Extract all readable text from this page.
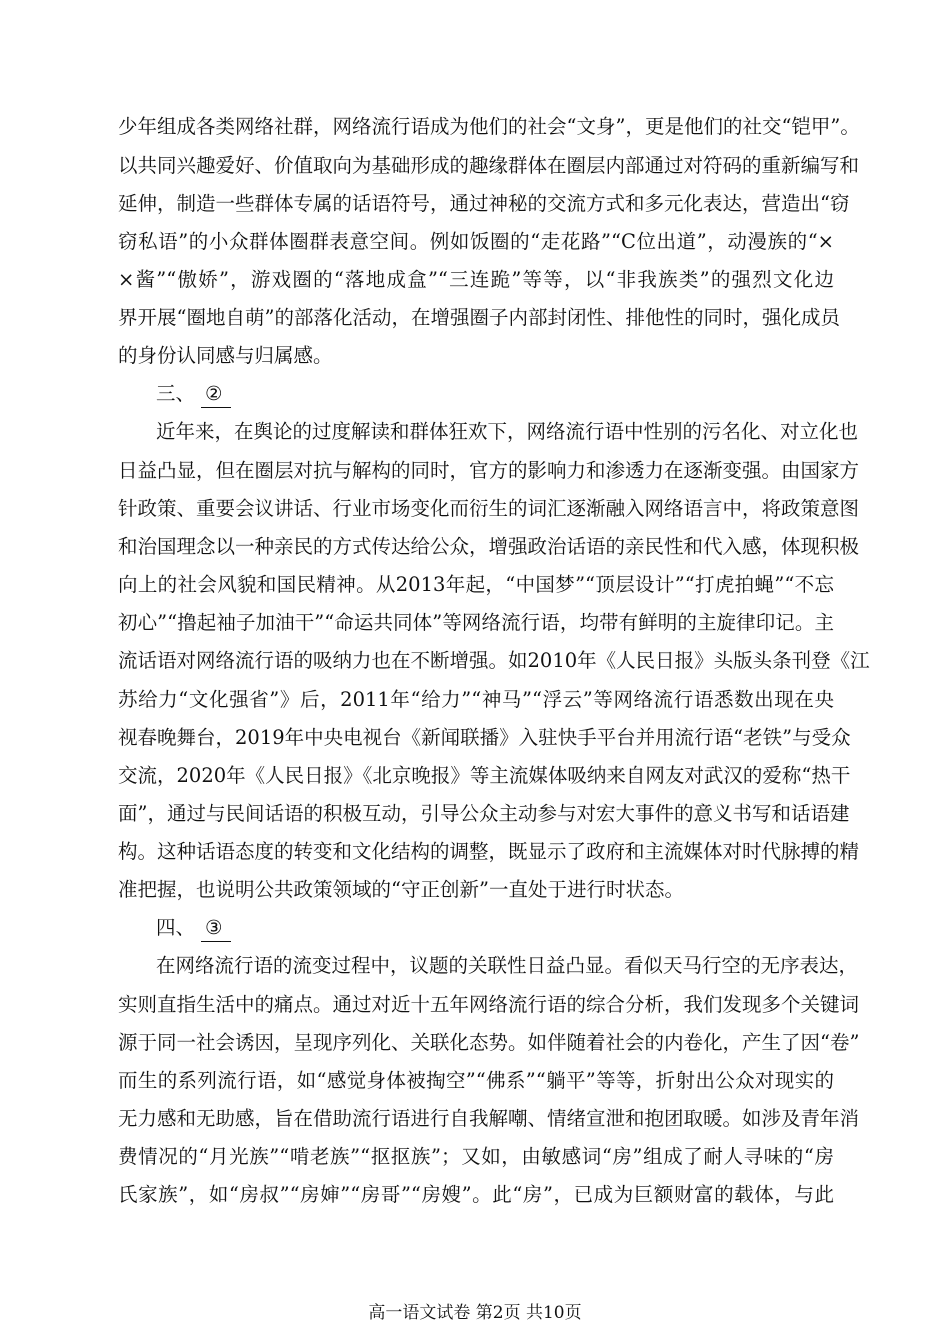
少年组成各类网络社群，网络流行语成为他们的社会“文身”，更是他们的社交“铠甲”。
以共同兴趣爱好、价值取向为基础形成的趣缘群体在圈层内部通过对符码的重新编写和
延伸，制造一些群体专属的话语符号，通过神秘的交流方式和多元化表达，营造出“窃
窃私语”的小众群体圈群表意空间。例如饭圈的“走花路”“C位出道”，动漫族的“×
×酱”“傲娇”，游戏圈的“落地成盒”“三连跪”等等，以“非我族类”的强烈文化边
界开展“圈地自萌”的部落化活动，在增强圈子内部封闭性、排他性的同时，强化成员
的身份认同感与归属感。
三、 ②
近年来，在舆论的过度解读和群体狂欢下，网络流行语中性别的污名化、对立化也
日益凸显，但在圈层对抗与解构的同时，官方的影响力和渗透力在逐渐变强。由国家方
针政策、重要会议讲话、行业市场变化而衍生的词汇逐渐融入网络语言中，将政策意图
和治国理念以一种亲民的方式传达给公众，增强政治话语的亲民性和代入感，体现积极
向上的社会风貌和国民精神。从2013年起，“中国梦”“顶层设计”“打虎拍蝇”“不忘
初心”“撸起袖子加油干”“命运共同体”等网络流行语，均带有鲜明的主旋律印记。主
流话语对网络流行语的吸纳力也在不断增强。如2010年《人民日报》头版头条刊登《江
苏给力“文化强省”》后，2011年“给力”“神马”“浮云”等网络流行语悉数出现在央
视春晚舞台，2019年中央电视台《新闻联播》入驻快手平台并用流行语“老铁”与受众
交流，2020年《人民日报》《北京晚报》等主流媒体吸纳来自网友对武汉的爱称“热干
面”，通过与民间话语的积极互动，引导公众主动参与对宏大事件的意义书写和话语建
构。这种话语态度的转变和文化结构的调整，既显示了政府和主流媒体对时代脉搏的精
准把握，也说明公共政策领域的“守正创新”一直处于进行时状态。
四、 ③
在网络流行语的流变过程中，议题的关联性日益凸显。看似天马行空的无序表达，
实则直指生活中的痛点。通过对近十五年网络流行语的综合分析，我们发现多个关键词
源于同一社会诱因，呈现序列化、关联化态势。如伴随着社会的内卷化，产生了因“卷”
而生的系列流行语，如“感觉身体被掏空”“佛系”“躺平”等等，折射出公众对现实的
无力感和无助感，旨在借助流行语进行自我解嘲、情绪宣泄和抱团取暖。如涉及青年消
费情况的“月光族”“啃老族”“抠抠族”；又如，由敏感词“房”组成了耐人寻味的“房
氏家族”，如“房叔”“房婶”“房哥”“房嫂”。此“房”，已成为巨额财富的载体，与此
高一语文试卷 第2页 共10页
